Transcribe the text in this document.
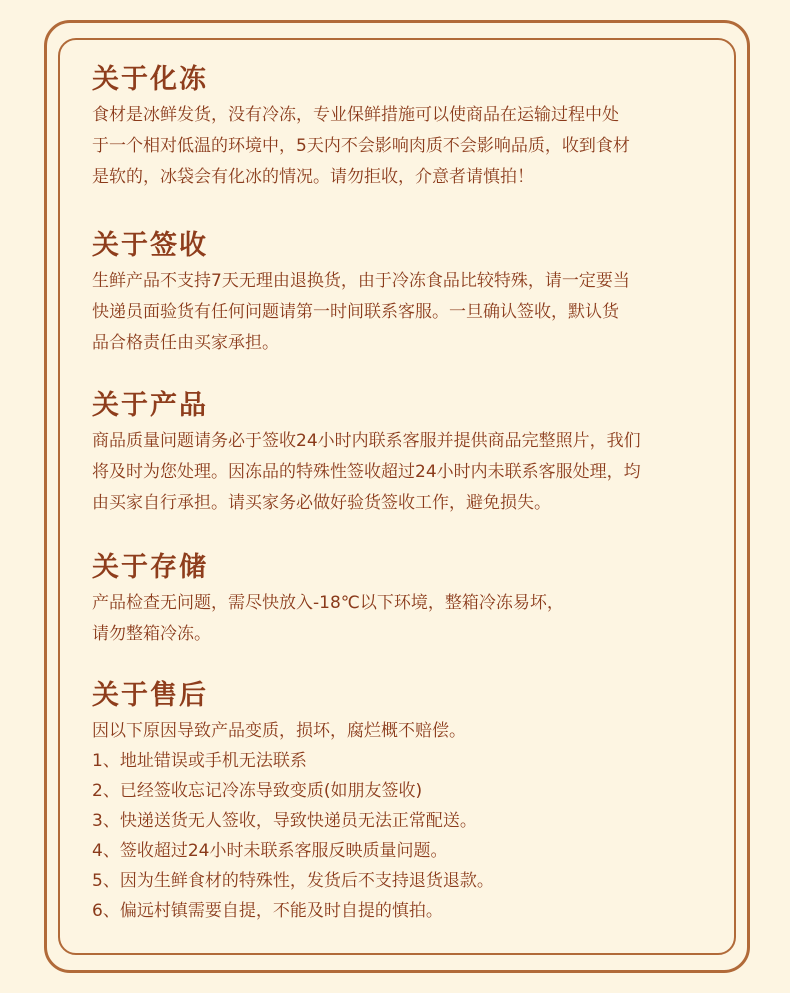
关于化冻

食材是冰鲜发货，没有冷冻，专业保鲜措施可以使商品在运输过程中处
于一个相对低温的环境中，5天内不会影响肉质不会影响品质，收到食材
是软的，冰袋会有化冰的情况。请勿拒收，介意者请慎拍！

关于签收

生鲜产品不支持7天无理由退换货，由于冷冻食品比较特殊，请一定要当
快递员面验货有任何问题请第一时间联系客服。一旦确认签收，默认货
品合格责任由买家承担。

关于产品

商品质量问题请务必于签收24小时内联系客服并提供商品完整照片，我们
将及时为您处理。因冻品的特殊性签收超过24小时内未联系客服处理，均
由买家自行承担。请买家务必做好验货签收工作，避免损失。

关于存储

产品检查无问题，需尽快放入-18℃以下环境，整箱冷冻易坏，
请勿整箱冷冻。

关于售后
因以下原因导致产品变质，损坏，腐烂概不赔偿。
1、地址错误或手机无法联系
2、已经签收忘记冷冻导致变质(如朋友签收)
3、快递送货无人签收，导致快递员无法正常配送。
4、签收超过24小时未联系客服反映质量问题。
5、因为生鲜食材的特殊性，发货后不支持退货退款。
6、偏远村镇需要自提，不能及时自提的慎拍。
